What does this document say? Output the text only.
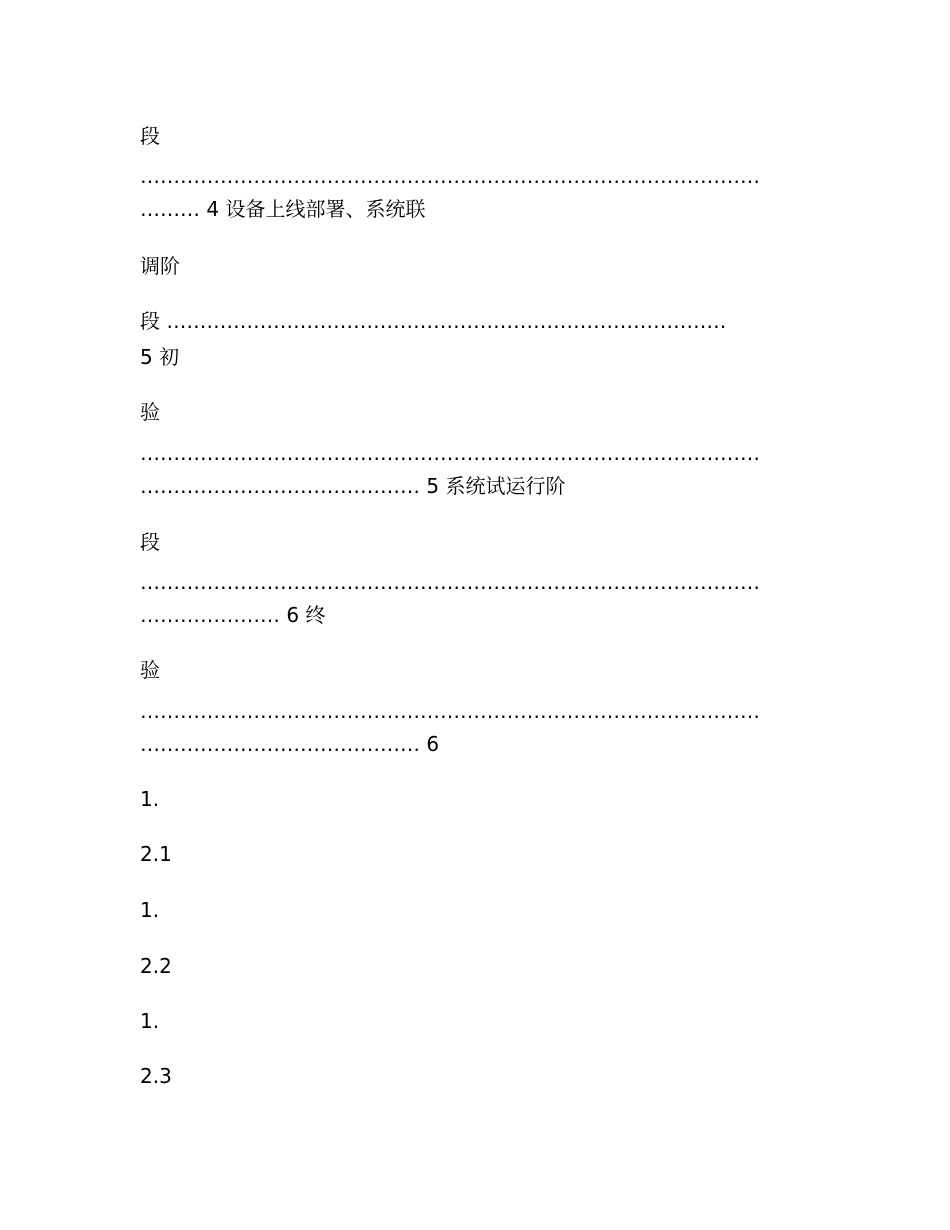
段
…………………………………………………………………………………
……… 4 设备上线部署、系统联
调阶
段 …………………………………………………………………………
5 初
验
…………………………………………………………………………………
…………………………………… 5 系统试运行阶
段
…………………………………………………………………………………
………………… 6 终
验
…………………………………………………………………………………
…………………………………… 6
1.
2.1
1.
2.2
1.
2.3
